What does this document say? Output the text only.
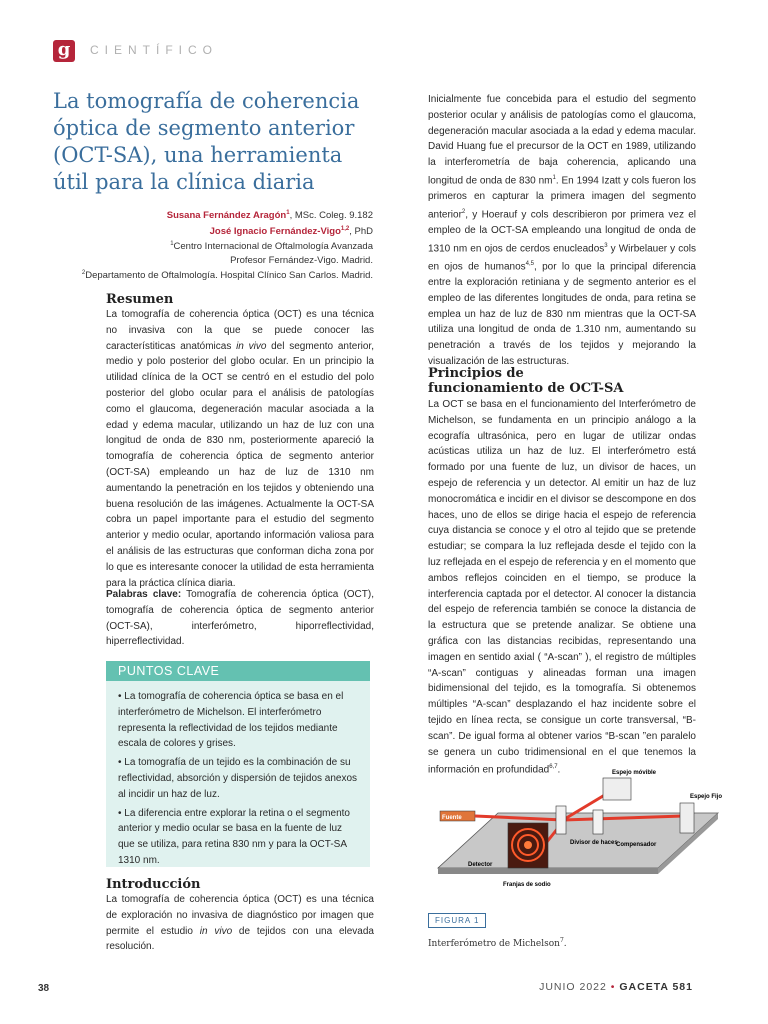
g	CIENTÍFICO
La tomografía de coherencia óptica de segmento anterior (OCT-SA), una herramienta útil para la clínica diaria
Susana Fernández Aragón$^1$, MSc. Coleg. 9.182
José Ignacio Fernández-Vigo$^{1,2}$, PhD
$^1$Centro Internacional de Oftalmología Avanzada
Profesor Fernández-Vigo. Madrid.
$^2$Departamento de Oftalmología. Hospital Clínico San Carlos. Madrid.
Resumen
La tomografía de coherencia óptica (OCT) es una técnica no invasiva con la que se puede conocer las característiticas anatómicas in vivo del segmento anterior, medio y polo posterior del globo ocular. En un principio la utilidad clínica de la OCT se centró en el estudio del polo posterior del globo ocular para el análisis de patologías como el glaucoma, degeneración macular asociada a la edad y edema macular, utilizando un haz de luz con una longitud de onda de 830 nm, posteriormente apareció la tomografía de coherencia óptica de segmento anterior (OCT-SA) empleando un haz de luz de 1310 nm aumentando la penetración en los tejidos y obteniendo una buena resolución de las imágenes. Actualmente la OCT-SA cobra un papel importante para el estudio del segmento anterior y medio ocular, aportando información valiosa para el análisis de las estructuras que conforman dicha zona por lo que es interesante conocer la utilidad de esta herramienta para la práctica clínica diaria.
Palabras clave: Tomografía de coherencia óptica (OCT), tomografía de coherencia óptica de segmento anterior (OCT-SA), interferómetro, hiporreflectividad, hiperreflectividad.
PUNTOS CLAVE
• La tomografía de coherencia óptica se basa en el interferómetro de Michelson. El interferómetro representa la reflectividad de los tejidos mediante escala de colores y grises.
• La tomografía de un tejido es la combinación de su reflectividad, absorción y dispersión de tejidos anexos al incidir un haz de luz.
• La diferencia entre explorar la retina o el segmento anterior y medio ocular se basa en la fuente de luz que se utiliza, para retina 830 nm y para la OCT-SA 1310 nm.
Introducción
La tomografía de coherencia óptica (OCT) es una técnica de exploración no invasiva de diagnóstico por imagen que permite el estudio in vivo de tejidos con una elevada resolución.
Inicialmente fue concebida para el estudio del segmento posterior ocular y análisis de patologías como el glaucoma, degeneración macular asociada a la edad y edema macular. David Huang fue el precursor de la OCT en 1989, utilizando la interferometría de baja coherencia, aplicando una longitud de onda de 830 $nm^1$. En 1994 Izatt y cols fueron los primeros en capturar la primera imagen del segmento anterior$^2$, y Hoerauf y cols describieron por primera vez el empleo de la OCT-SA empleando una longitud de onda de 1310 nm en ojos de cerdos enucleados$^3$ y Wirbelauer y cols en ojos de humanos$^{4,5}$, por lo que la principal diferencia entre la exploración retiniana y de segmento anterior es el empleo de las diferentes longitudes de onda, para retina se emplea un haz de luz de 830 nm mientras que la OCT-SA utiliza una longitud de onda de 1.310 nm, aumentando su penetración a través de los tejidos y mejorando la visualización de las estructuras.
Principios de funcionamiento de OCT-SA
La OCT se basa en el funcionamiento del Interferómetro de Michelson, se fundamenta en un principio análogo a la ecografía ultrasónica, pero en lugar de utilizar ondas acústicas utiliza un haz de luz. El interferómetro está formado por una fuente de luz, un divisor de haces, un espejo de referencia y un detector. Al emitir un haz de luz monocromática e incidir en el divisor se descompone en dos haces, uno de ellos se dirige hacia el espejo de referencia cuya distancia se conoce y el otro al tejido que se pretende estudiar; se compara la luz reflejada desde el tejido con la luz reflejada en el espejo de referencia y en el momento que ambos reflejos coinciden en el tiempo, se produce la interferencia captada por el detector. Al conocer la distancia del espejo de referencia también se conoce la distancia de la estructura que se pretende analizar. Se obtiene una gráfica con las distancias recibidas, representando una imagen en sentido axial ( “A-scan” ), el registro de múltiples “A-scan” contiguas y alineadas forman una imagen bidimensional del tejido, es la tomografía. Si obtenemos múltiples “A-scan” desplazando el haz incidente sobre el tejido en línea recta, se consigue un corte transversal, “B-scan”. De igual forma al obtener varios “B-scan ”en paralelo se genera un cubo tridimensional en el que tenemos la información en profundidad$^{6,7}$.	Espejo móvible
Fuente
Espejo Fijo
Divisor de haces
Compensador
Detector
Franjas de sodio
FIGURA 1
Interferómetro de Michelson$^7$.
38	JUNIO 2022 • GACETA 581
